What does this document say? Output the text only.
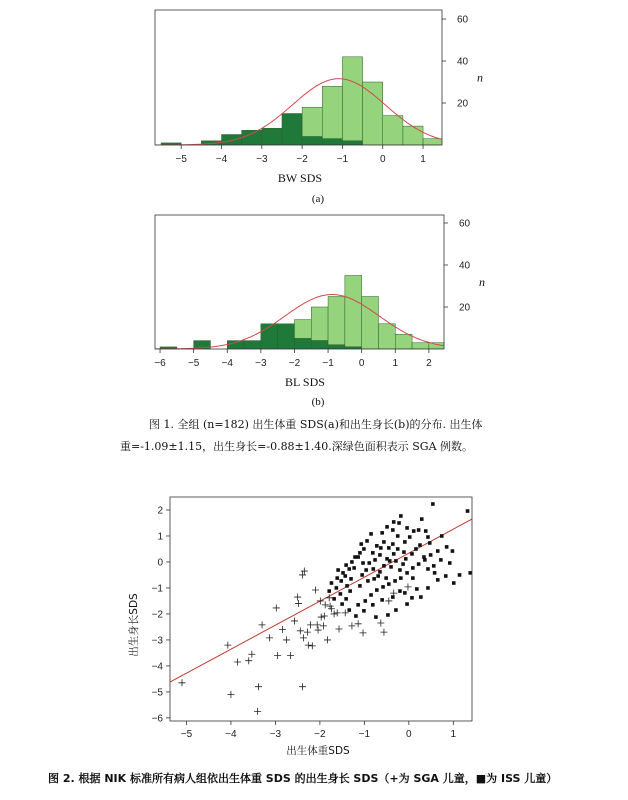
−5	−4	−3	−2	−1	0	1
20
40
60
n
BW SDS
(a)
−6 −5 −4 −3 −2 −1	0	1	2
20
40
60
n
BL SDS
(b)
−5	−4	−3	−2	−1	0	1
2
1
0
−1
−2
−3
−4
−5
−6
出生体重SDS
出生身长SDS
图 1. 全组 (n=182) 出生体重 SDS(a)和出生身长(b)的分布. 出生体
重=-1.09±1.15，出生身长=-0.88±1.40.深绿色面积表示 SGA 例数。
图 2. 根据 NIK 标准所有病人组依出生体重 SDS 的出生身长 SDS（+为 SGA 儿童，■为 ISS 儿童）
